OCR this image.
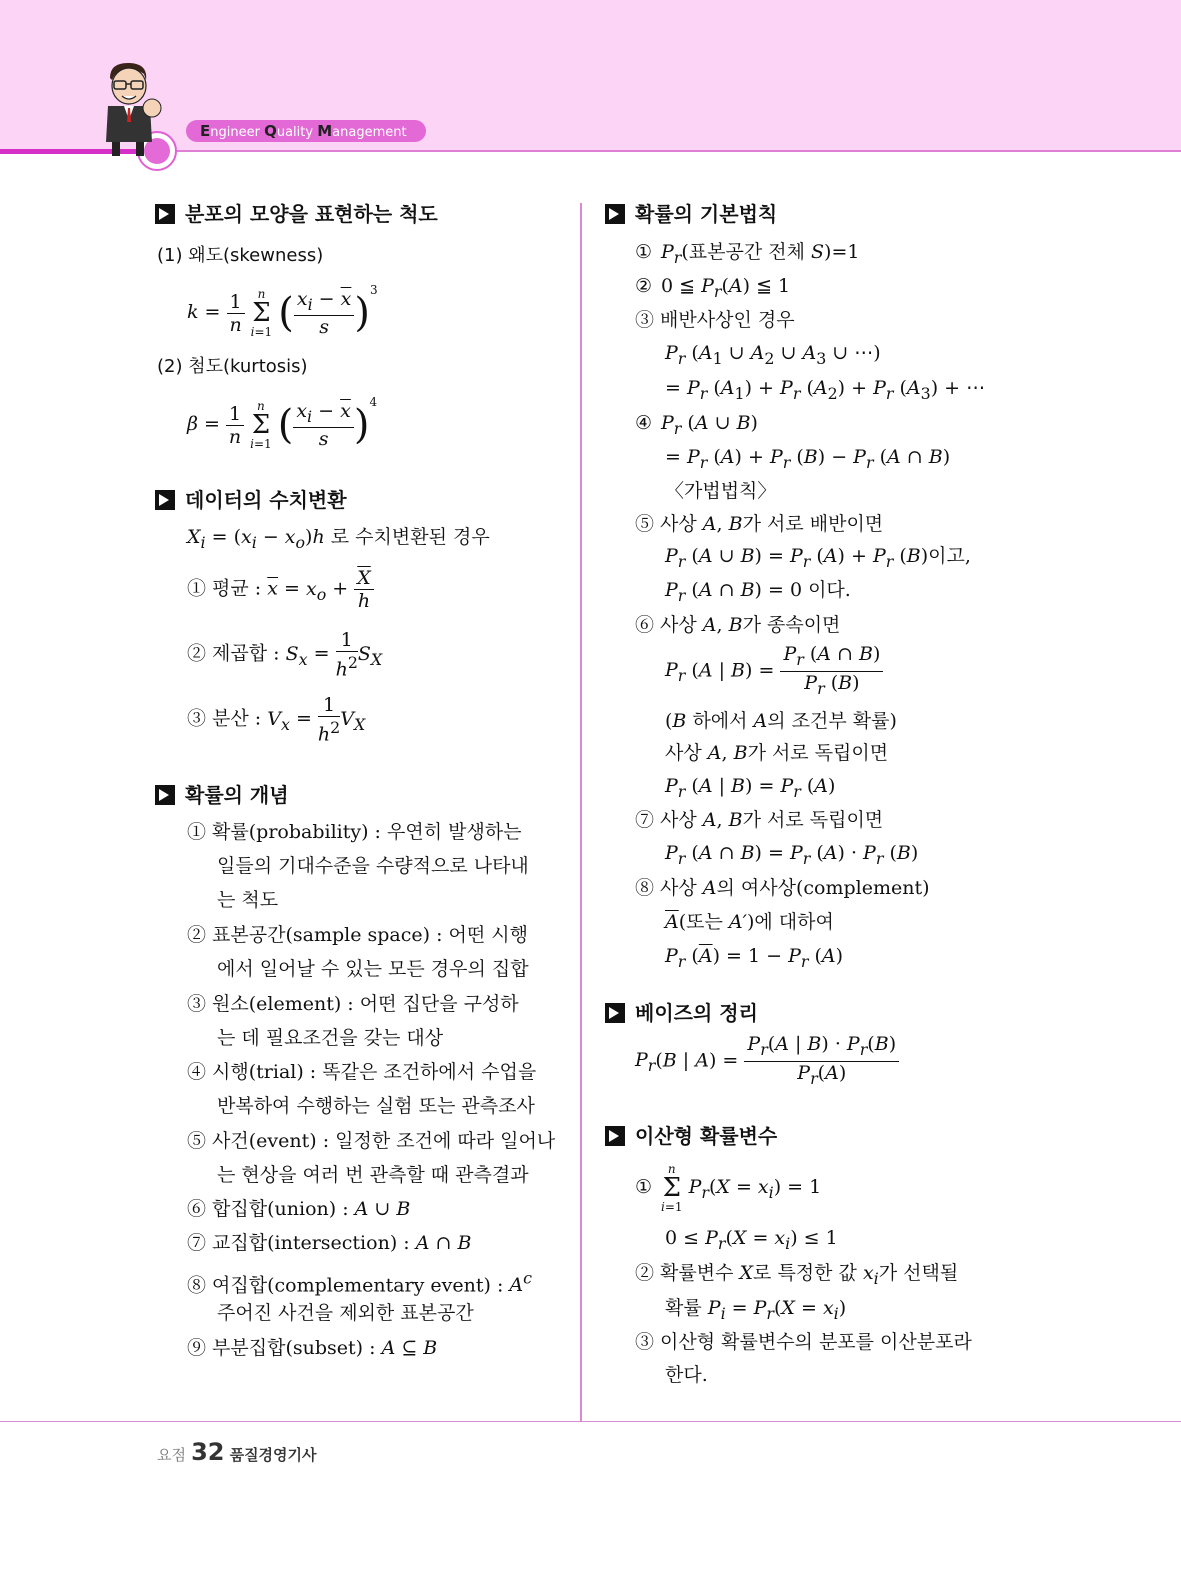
Engineer Quality Management
분포의 모양을 표현하는 척도
(1) 왜도(skewness)
$k = \frac{1}{n}$ n
Σ
i=1 ( $\frac{x_i - \overline{x}}{s} )^3$
(2) 첨도(kurtosis)
$\beta = \frac{1}{n}$ n
Σ
i=1 ( $\frac{x_i - \overline{x}}{s} )^4$
데이터의 수치변환
$X_i = (x_i - x_o)h$ 로 수치변환된 경우
① 평균 : $\overline{x} = x_o + \frac{\overline{X}}{h}$
② 제곱합 : $S_x = \frac{1}{h^2} S_X$
③ 분산 : $V_x = \frac{1}{h^2} V_X$
확률의 개념
① 확률(probability) : 우연히 발생하는
일들의 기대수준을 수량적으로 나타내
는 척도
② 표본공간(sample space) : 어떤 시행
에서 일어날 수 있는 모든 경우의 집합
③ 원소(element) : 어떤 집단을 구성하
는 데 필요조건을 갖는 대상
④ 시행(trial) : 똑같은 조건하에서 수업을
반복하여 수행하는 실험 또는 관측조사
⑤ 사건(event) : 일정한 조건에 따라 일어나
는 현상을 여러 번 관측할 때 관측결과
⑥ 합집합(union) : A ∪ B
⑦ 교집합(intersection) : A ∩ B
⑧ 여집합(complementary event) : $A^c$
주어진 사건을 제외한 표본공간
⑨ 부분집합(subset) : A ⊆ B
확률의 기본법칙
① $P_r$(표본공간 전체 S)=1
② 0 ≦ $P_r(A)$ ≦ 1
③ 배반사상인 경우
$P_r$ ($A_1$ ∪ $A_2$ ∪ $A_3$ ∪ ⋯)
= $P_r$ $(A_1) + P_r$ $(A_2) + P_r$ $(A_3)$ + ⋯
④ $P_r$ (A ∪ B)
= $P_r$ $(A) + P_r$ $(B) - P_r$ (A ∩ B)
〈가법법칙〉
⑤ 사상 A, B가 서로 배반이면
$P_r$ (A ∪ $B) = P_r$ $(A) + P_r$ (B)이고,
$P_r$ (A ∩ B) = 0 이다.
⑥ 사상 A, B가 종속이면
$P_r$ (A | $B) = \frac{P_r (A \cap B)}{P_r (B)}$
(B 하에서 A의 조건부 확률)
사상 A, B가 서로 독립이면
$P_r$ (A | $B) = P_r$ (A)
⑦ 사상 A, B가 서로 독립이면
$P_r$ (A ∩ $B) = P_r$ $(A) \cdot P_r$ (B)
⑧ 사상 A의 여사상(complement)
$\overline{A}$(또는 A′)에 대하여
$P_r$ $(\overline{A}) = 1 - P_r$ (A)
베이즈의 정리
$P_r(B$ | $A) = \frac{P_r(A | B) \cdot P_r(B)}{P_r(A)}$
이산형 확률변수
①n
Σ
i=1 $P_r(X = x_i) = 1$
$0 \le P_r(X = x_i) \le 1$
② 확률변수 X로 특정한 값 $x_i$가 선택될
확률 $P_i = P_r(X = x_i)$
③ 이산형 확률변수의 분포를 이산분포라
한다.
요점 32 품질경영기사
